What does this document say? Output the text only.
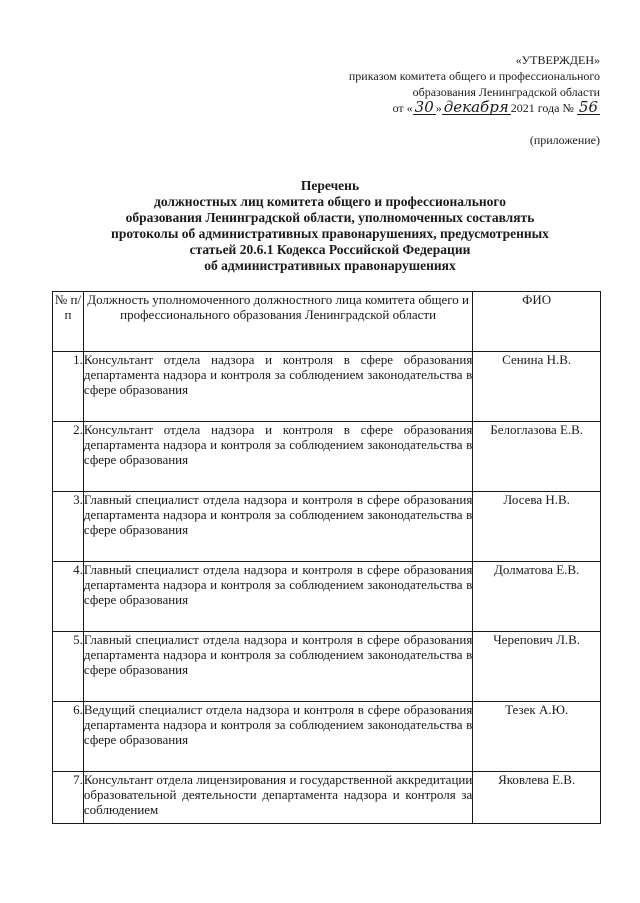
«УТВЕРЖДЕН»
приказом комитета общего и профессионального
образования Ленинградской области
от « 30 » декабря 2021 года № 56
(приложение)
Перечень
должностных лиц комитета общего и профессионального
образования Ленинградской области, уполномоченных составлять
протоколы об административных правонарушениях, предусмотренных
статьей 20.6.1 Кодекса Российской Федерации
об административных правонарушениях
№ п/п	Должность уполномоченного должностного лица комитета общего и профессионального образования Ленинградской области	ФИО
1.	Консультант отдела надзора и контроля в сфере образования департамента надзора и контроля за соблюдением законодательства в сфере образования	Сенина Н.В.
2.	Консультант отдела надзора и контроля в сфере образования департамента надзора и контроля за соблюдением законодательства в сфере образования	Белоглазова Е.В.
3.	Главный специалист отдела надзора и контроля в сфере образования департамента надзора и контроля за соблюдением законодательства в сфере образования	Лосева Н.В.
4.	Главный специалист отдела надзора и контроля в сфере образования департамента надзора и контроля за соблюдением законодательства в сфере образования	Долматова Е.В.
5.	Главный специалист отдела надзора и контроля в сфере образования департамента надзора и контроля за соблюдением законодательства в сфере образования	Черепович Л.В.
6.	Ведущий специалист отдела надзора и контроля в сфере образования департамента надзора и контроля за соблюдением законодательства в сфере образования	Тезек А.Ю.
7.	Консультант отдела лицензирования и государственной аккредитации образовательной деятельности департамента надзора и контроля за соблюдением	Яковлева Е.В.
